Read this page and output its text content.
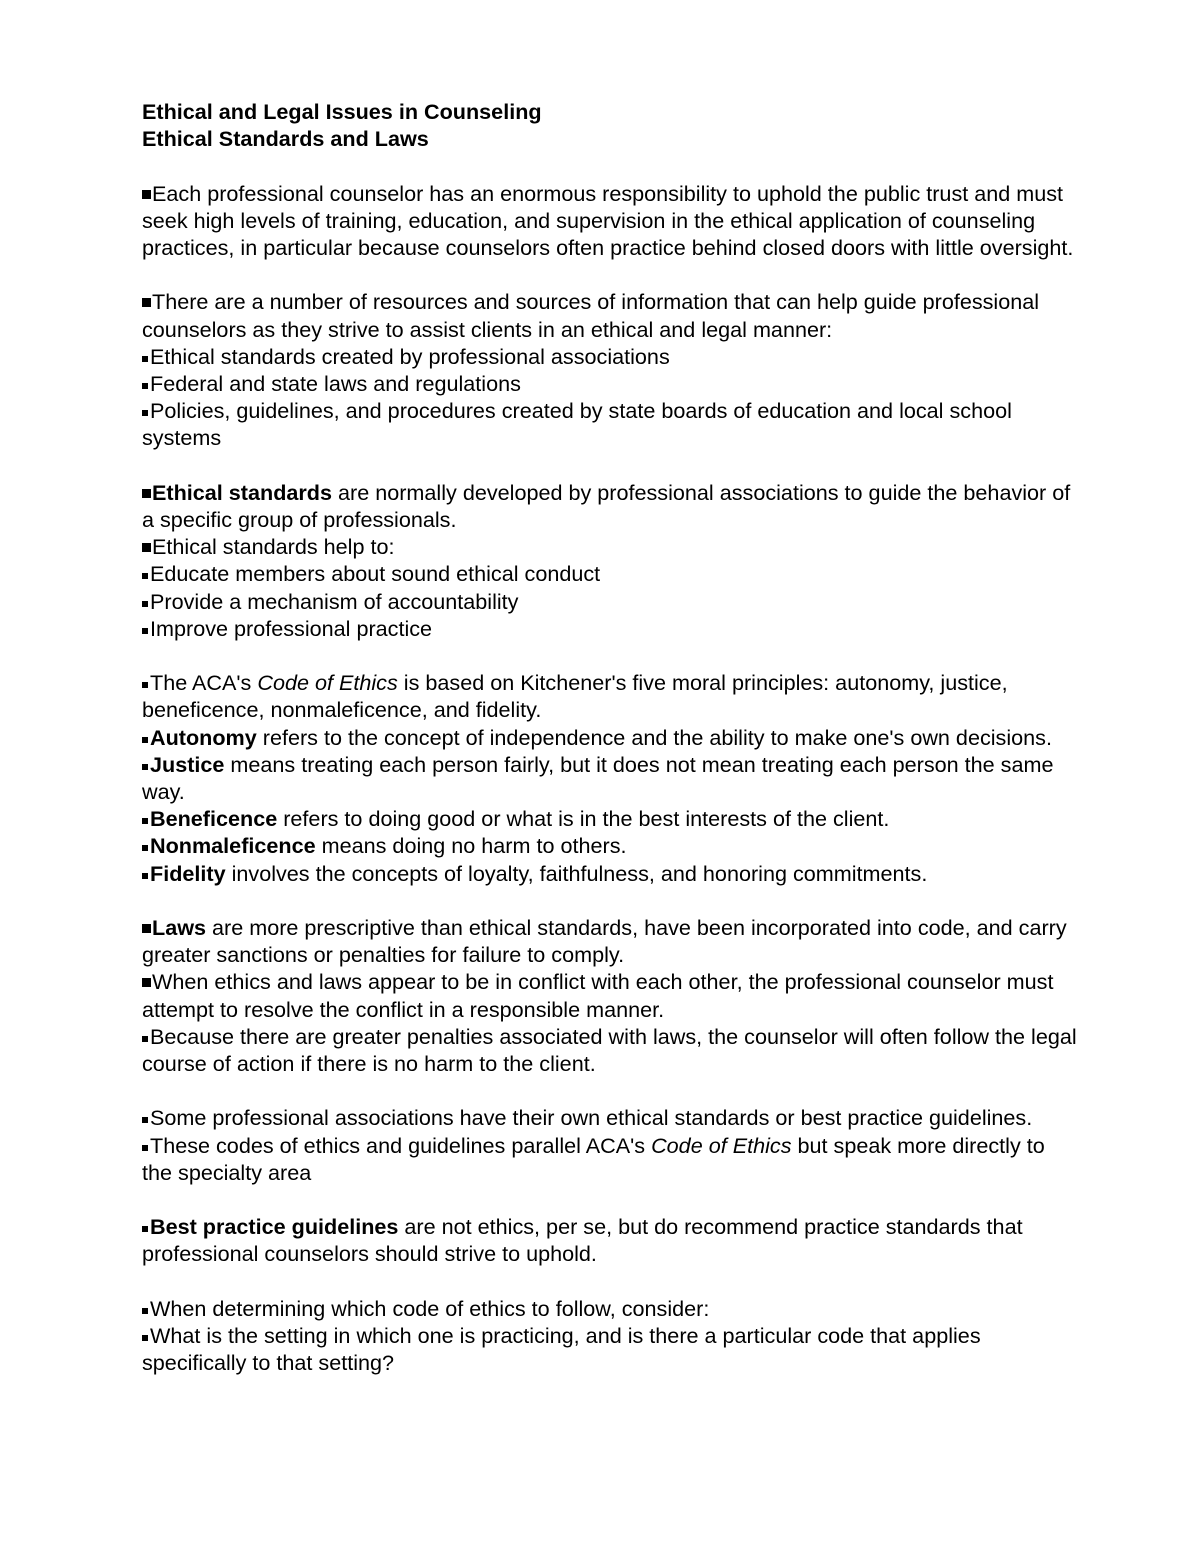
Ethical and Legal Issues in Counseling

Ethical Standards and Laws

Each professional counselor has an enormous responsibility to uphold the public trust and must seek high levels of training, education, and supervision in the ethical application of counseling practices, in particular because counselors often practice behind closed doors with little oversight.

There are a number of resources and sources of information that can help guide professional counselors as they strive to assist clients in an ethical and legal manner:

Ethical standards created by professional associations

Federal and state laws and regulations

Policies, guidelines, and procedures created by state boards of education and local school systems

Ethical standards are normally developed by professional associations to guide the behavior of a specific group of professionals.

Ethical standards help to:

Educate members about sound ethical conduct

Provide a mechanism of accountability

Improve professional practice

The ACA's Code of Ethics is based on Kitchener's five moral principles: autonomy, justice, beneficence, nonmaleficence, and fidelity.

Autonomy refers to the concept of independence and the ability to make one's own decisions.

Justice means treating each person fairly, but it does not mean treating each person the same way.

Beneficence refers to doing good or what is in the best interests of the client.

Nonmaleficence means doing no harm to others.

Fidelity involves the concepts of loyalty, faithfulness, and honoring commitments.

Laws are more prescriptive than ethical standards, have been incorporated into code, and carry greater sanctions or penalties for failure to comply.

When ethics and laws appear to be in conflict with each other, the professional counselor must attempt to resolve the conflict in a responsible manner.

Because there are greater penalties associated with laws, the counselor will often follow the legal course of action if there is no harm to the client.

Some professional associations have their own ethical standards or best practice guidelines.

These codes of ethics and guidelines parallel ACA's Code of Ethics but speak more directly to the specialty area

Best practice guidelines are not ethics, per se, but do recommend practice standards that professional counselors should strive to uphold.

When determining which code of ethics to follow, consider:

What is the setting in which one is practicing, and is there a particular code that applies specifically to that setting?
